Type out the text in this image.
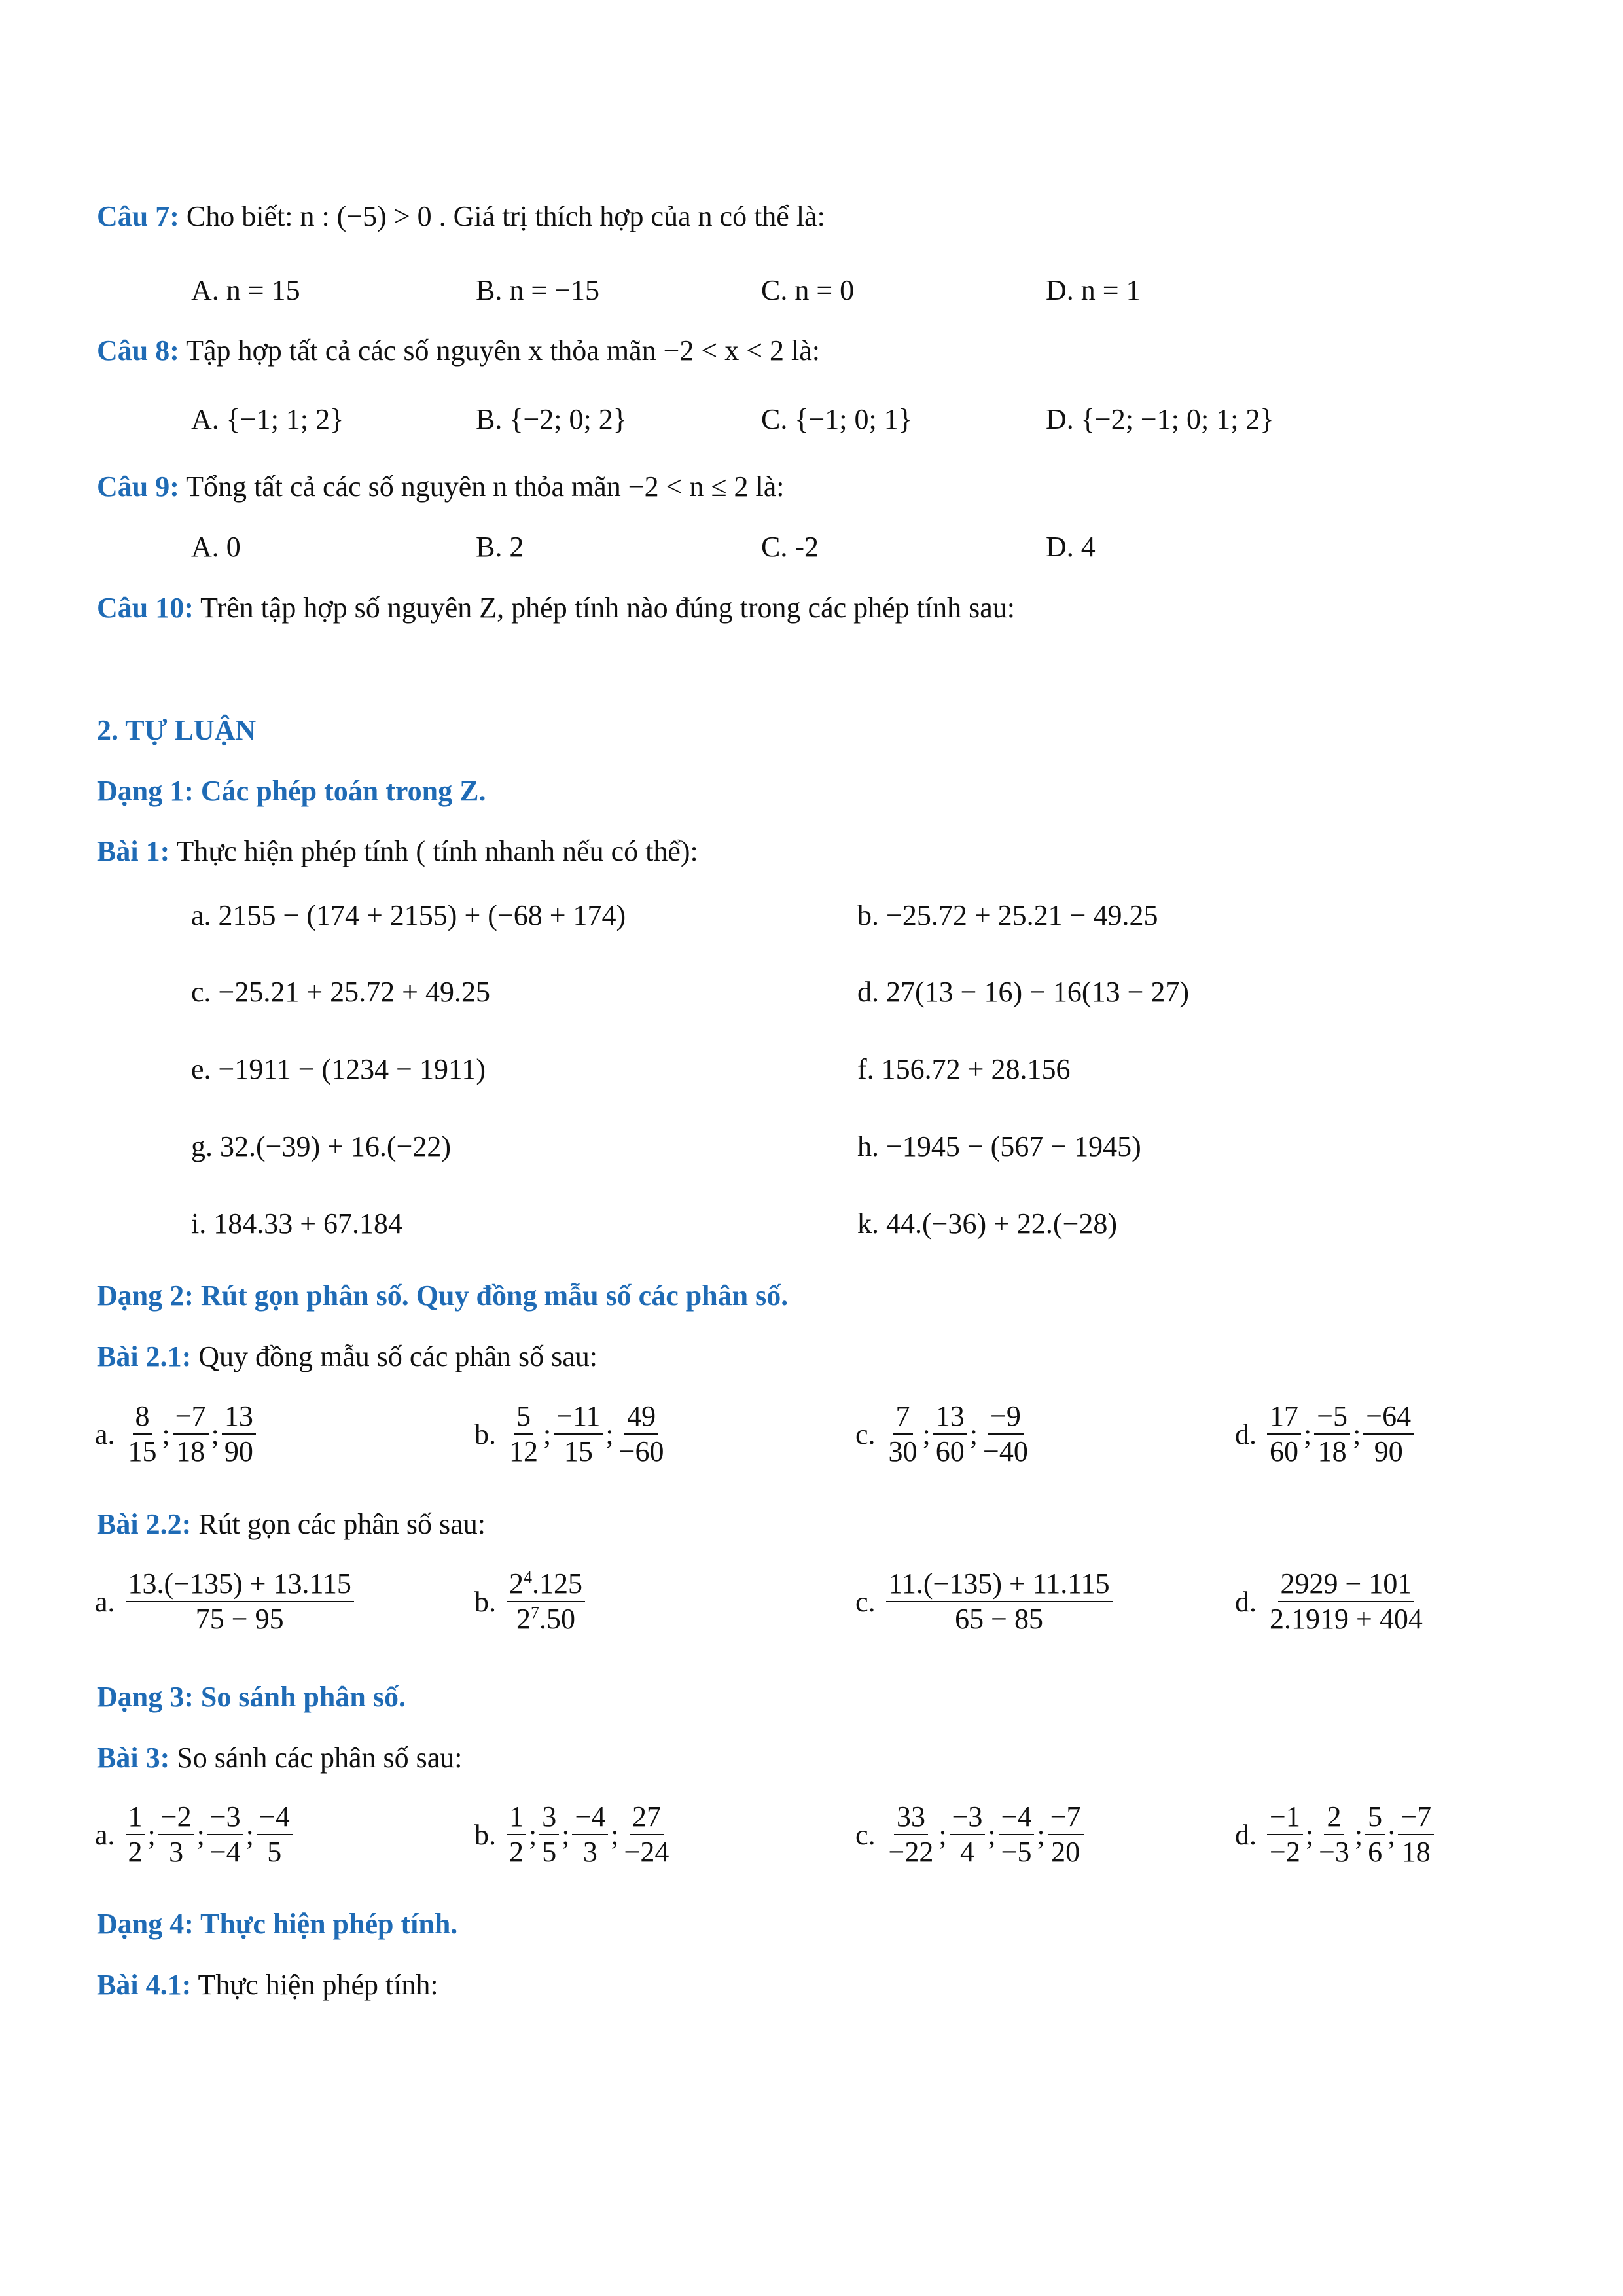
Câu 7: Cho biết: n : (−5) > 0 . Giá trị thích hợp của n có thể là:
A. n = 15	B. n = −15	C. n = 0	D. n = 1
Câu 8: Tập hợp tất cả các số nguyên x thỏa mãn −2 < x < 2 là:
A. {−1; 1; 2}	B. {−2; 0; 2}	C. {−1; 0; 1}	D. {−2; −1; 0; 1; 2}
Câu 9: Tổng tất cả các số nguyên n thỏa mãn −2 < n ≤ 2 là:
A. 0	B. 2	C. -2	D. 4
Câu 10: Trên tập hợp số nguyên Z, phép tính nào đúng trong các phép tính sau:
2. TỰ LUẬN
Dạng 1: Các phép toán trong Z.
Bài 1: Thực hiện phép tính ( tính nhanh nếu có thể):
a. 2155 − (174 + 2155) + (−68 + 174)	b. −25.72 + 25.21 − 49.25
c. −25.21 + 25.72 + 49.25	d. 27(13 − 16) − 16(13 − 27)
e. −1911 − (1234 − 1911)	f. 156.72 + 28.156
g. 32.(−39) + 16.(−22)	h. −1945 − (567 − 1945)
i. 184.33 + 67.184	k. 44.(−36) + 22.(−28)
Dạng 2: Rút gọn phân số. Quy đồng mẫu số các phân số.
Bài 2.1: Quy đồng mẫu số các phân số sau:
a.
8
15
;
−7
18
;
13
90
b.
5
12
;
−11
15
;
49
−60
c.
7
30
;
13
60
;
−9
−40
d.
17
60
;
−5
18
;
−64
90
Bài 2.2: Rút gọn các phân số sau:
a.
13.(−135) + 13.115
75 − 95
b.
$2^4.125$
$2^7.50$
c.
11.(−135) + 11.115
65 − 85
d.
2929 − 101
2.1919 + 404
Dạng 3: So sánh phân số.
Bài 3: So sánh các phân số sau:
a.
1
2
;
−2
3
;
−3
−4
;
−4
5
b.
1
2
;
3
5
;
−4
3
;
27
−24
c.
33
−22
;
−3
4
;
−4
−5
;
−7
20
d.
−1
−2
;
2
−3
;
5
6
;
−7
18
Dạng 4: Thực hiện phép tính.
Bài 4.1: Thực hiện phép tính:
